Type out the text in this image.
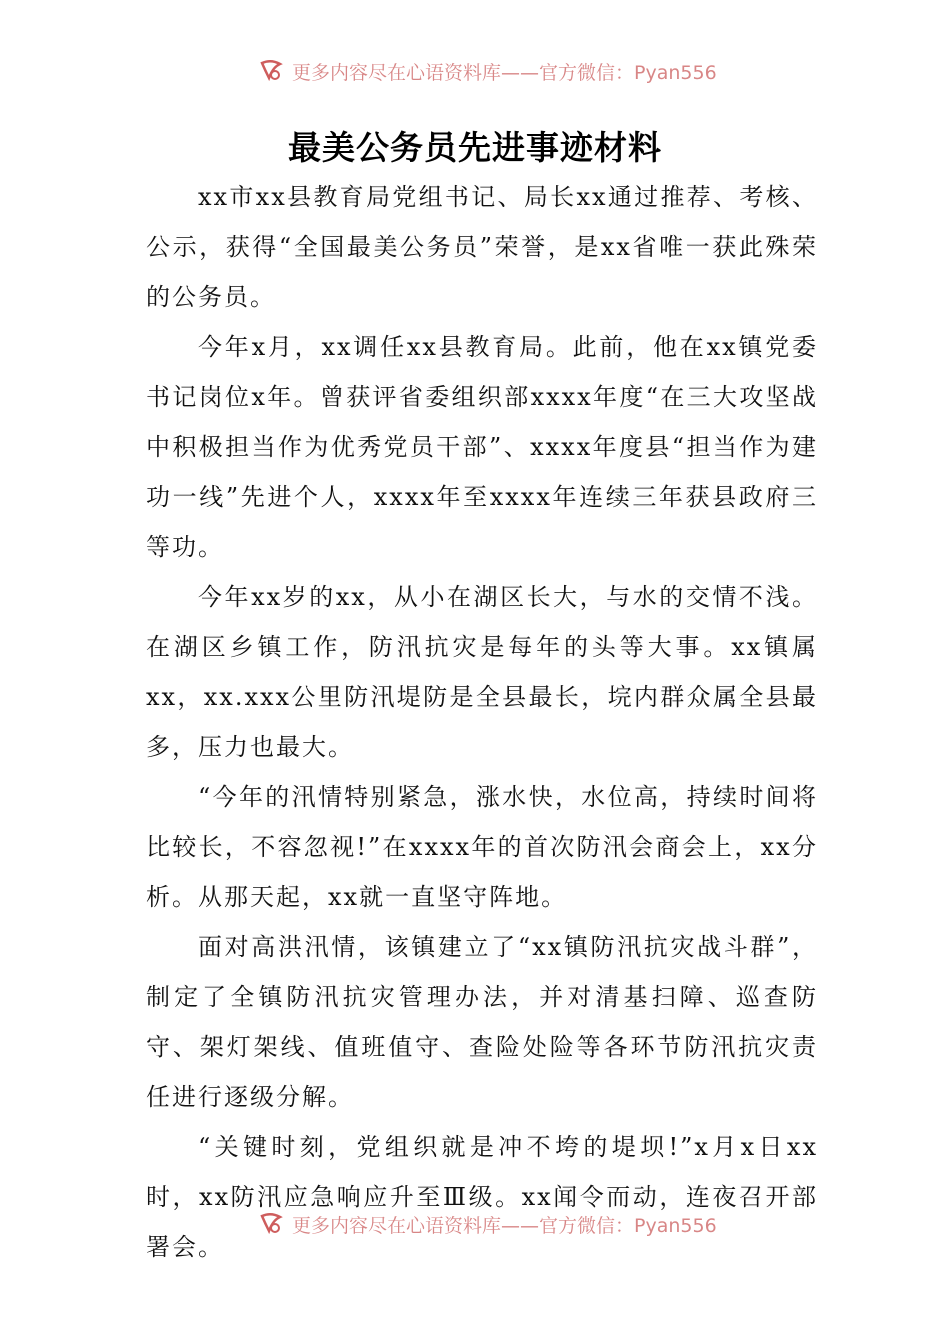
更多内容尽在心语资料库——官方微信：Pyan556
最美公务员先进事迹材料

xx市xx县教育局党组书记、局长xx通过推荐、考核、公示，获得“全国最美公务员”荣誉，是xx省唯一获此殊荣的公务员。

今年x月，xx调任xx县教育局。此前，他在xx镇党委书记岗位x年。曾获评省委组织部xxxx年度“在三大攻坚战中积极担当作为优秀党员干部”、xxxx年度县“担当作为建功一线”先进个人，xxxx年至xxxx年连续三年获县政府三等功。

今年xx岁的xx，从小在湖区长大，与水的交情不浅。在湖区乡镇工作，防汛抗灾是每年的头等大事。xx镇属xx，xx.xxx公里防汛堤防是全县最长，垸内群众属全县最多，压力也最大。

“今年的汛情特别紧急，涨水快，水位高，持续时间将比较长，不容忽视!”在xxxx年的首次防汛会商会上，xx分析。从那天起，xx就一直坚守阵地。

面对高洪汛情，该镇建立了“xx镇防汛抗灾战斗群”，制定了全镇防汛抗灾管理办法，并对清基扫障、巡查防守、架灯架线、值班值守、查险处险等各环节防汛抗灾责任进行逐级分解。

“关键时刻，党组织就是冲不垮的堤坝!”x月x日xx时，xx防汛应急响应升至Ⅲ级。xx闻令而动，连夜召开部署会。

更多内容尽在心语资料库——官方微信：Pyan556
